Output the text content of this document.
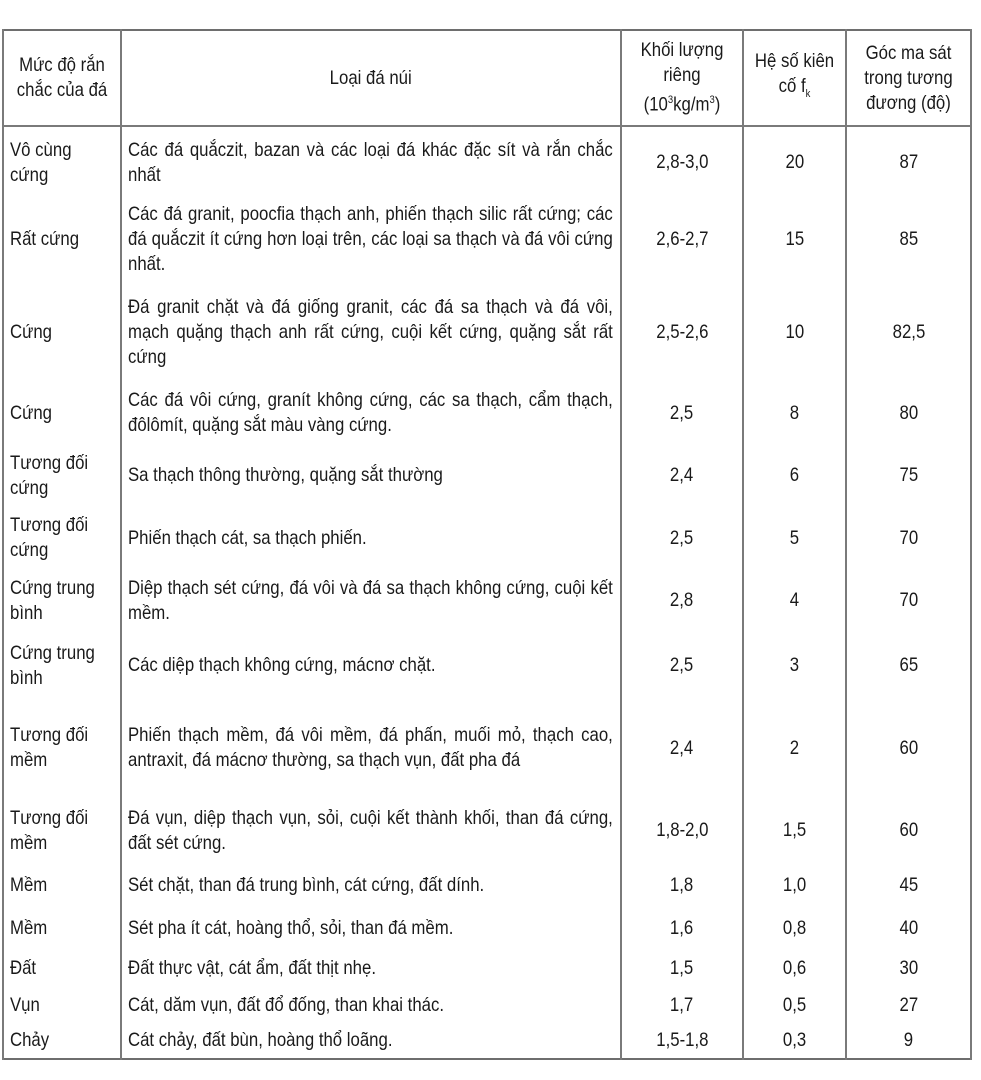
Mức độ rắn chắc của đá	Loại đá núi	Khối lượng riêng
$(10^3kg/m^3)$	Hệ số kiên cố $f_k$	Góc ma sát trong tương đương (độ)
Vô cùng cứng	Các đá quắczit, bazan và các loại đá khác đặc sít và rắn chắc nhất	2,8-3,0	20	87
Rất cứng	Các đá granit, poocfia thạch anh, phiến thạch silic rất cứng; các đá quắczit ít cứng hơn loại trên, các loại sa thạch và đá vôi cứng nhất.	2,6-2,7	15	85
Cứng	Đá granit chặt và đá giống granit, các đá sa thạch và đá vôi, mạch quặng thạch anh rất cứng, cuội kết cứng, quặng sắt rất cứng	2,5-2,6	10	82,5
Cứng	Các đá vôi cứng, granít không cứng, các sa thạch, cẩm thạch, đôlômít, quặng sắt màu vàng cứng.	2,5	8	80
Tương đối cứng	Sa thạch thông thường, quặng sắt thường	2,4	6	75
Tương đối cứng	Phiến thạch cát, sa thạch phiến.	2,5	5	70
Cứng trung bình	Diệp thạch sét cứng, đá vôi và đá sa thạch không cứng, cuội kết mềm.	2,8	4	70
Cứng trung bình	Các diệp thạch không cứng, mácnơ chặt.	2,5	3	65
Tương đối mềm	Phiến thạch mềm, đá vôi mềm, đá phấn, muối mỏ, thạch cao, antraxit, đá mácnơ thường, sa thạch vụn, đất pha đá	2,4	2	60
Tương đối mềm	Đá vụn, diệp thạch vụn, sỏi, cuội kết thành khối, than đá cứng, đất sét cứng.	1,8-2,0	1,5	60
Mềm	Sét chặt, than đá trung bình, cát cứng, đất dính.	1,8	1,0	45
Mềm	Sét pha ít cát, hoàng thổ, sỏi, than đá mềm.	1,6	0,8	40
Đất	Đất thực vật, cát ẩm, đất thịt nhẹ.	1,5	0,6	30
Vụn	Cát, dăm vụn, đất đổ đống, than khai thác.	1,7	0,5	27
Chảy	Cát chảy, đất bùn, hoàng thổ loãng.	1,5-1,8	0,3	9
